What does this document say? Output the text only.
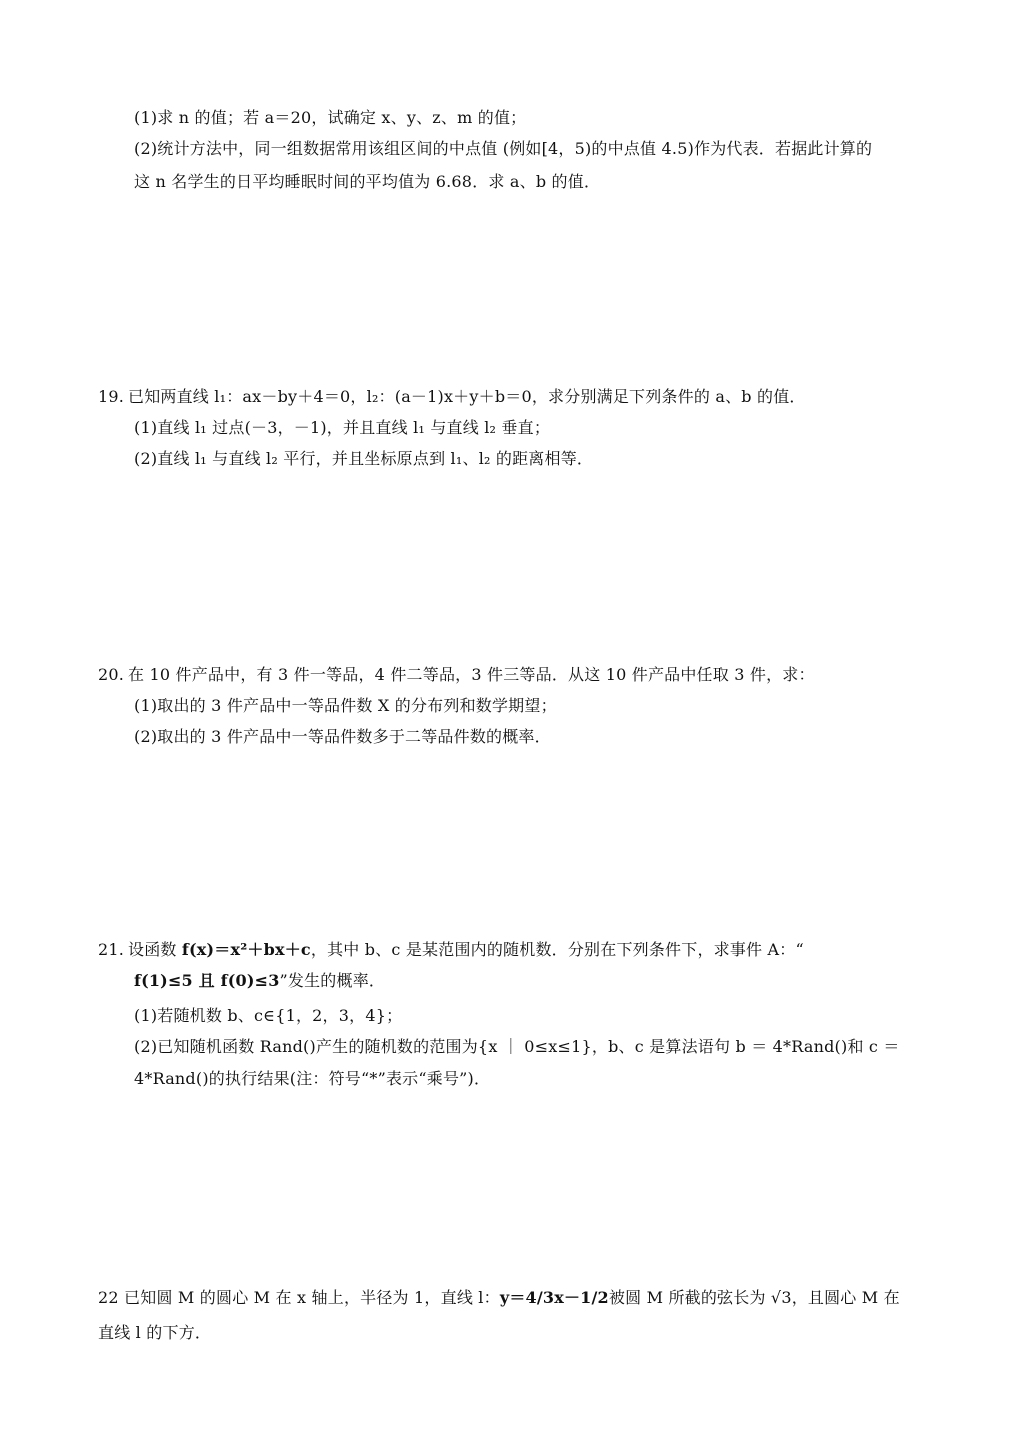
(1)求 n 的值；若 a＝20，试确定 x、y、z、m 的值；
(2)统计方法中，同一组数据常用该组区间的中点值 (例如[4，5)的中点值 4.5)作为代表．若据此计算的
这 n 名学生的日平均睡眠时间的平均值为 6.68．求 a、b 的值．
19. 已知两直线 l₁：ax－by＋4＝0，l₂：(a－1)x＋y＋b＝0，求分别满足下列条件的 a、b 的值．
(1)直线 l₁ 过点(－3，－1)，并且直线 l₁ 与直线 l₂ 垂直；
(2)直线 l₁ 与直线 l₂ 平行，并且坐标原点到 l₁、l₂ 的距离相等．
20. 在 10 件产品中，有 3 件一等品，4 件二等品，3 件三等品．从这 10 件产品中任取 3 件，求：
(1)取出的 3 件产品中一等品件数 X 的分布列和数学期望；
(2)取出的 3 件产品中一等品件数多于二等品件数的概率．
21. 设函数 f(x)＝x²＋bx＋c，其中 b、c 是某范围内的随机数．分别在下列条件下，求事件 A：“
f(1)≤5 且 f(0)≤3”发生的概率．
(1)若随机数 b、c∈{1，2，3，4}；
(2)已知随机函数 Rand()产生的随机数的范围为{x ｜ 0≤x≤1}，b、c 是算法语句 b ＝ 4*Rand()和 c ＝
4*Rand()的执行结果(注：符号“*”表示“乘号”)．
22 已知圆 M 的圆心 M 在 x 轴上，半径为 1，直线 l：y＝4/3x－1/2被圆 M 所截的弦长为 √3，且圆心 M 在
直线 l 的下方．
